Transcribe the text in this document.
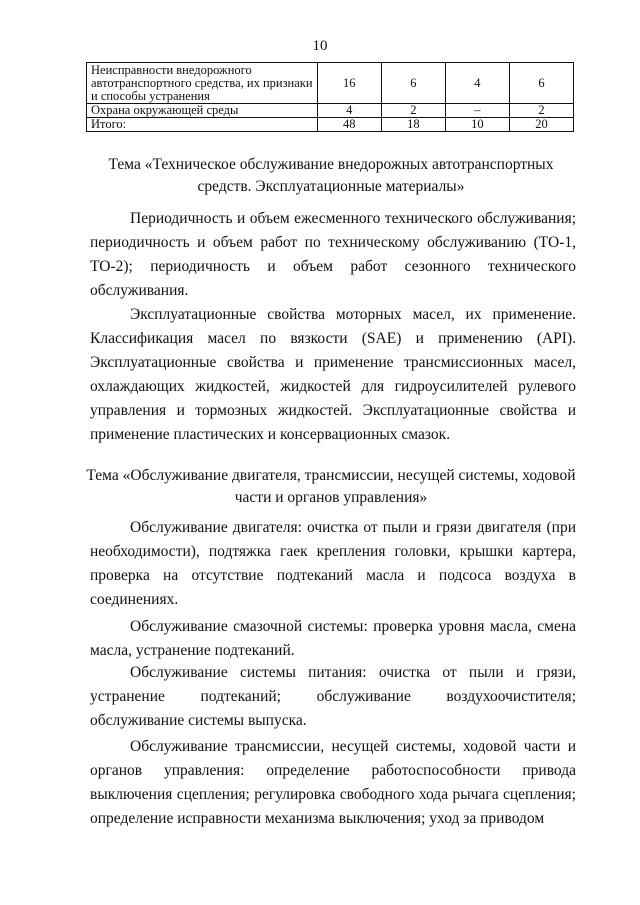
10
Неисправности внедорожного автотранспортного средства, их признаки и способы устранения	16	6	4	6
Охрана окружающей среды	4	2	–	2
Итого:	48	18	10	20
Тема «Техническое обслуживание внедорожных автотранспортных средств. Эксплуатационные материалы»
Периодичность и объем ежесменного технического обслуживания; периодичность и объем работ по техническому обслуживанию (ТО-1, ТО-2); периодичность и объем работ сезонного технического обслуживания.
Эксплуатационные свойства моторных масел, их применение. Классификация масел по вязкости (SAE) и применению (API). Эксплуатационные свойства и применение трансмиссионных масел, охлаждающих жидкостей, жидкостей для гидроусилителей рулевого управления и тормозных жидкостей. Эксплуатационные свойства и применение пластических и консервационных смазок.
Тема «Обслуживание двигателя, трансмиссии, несущей системы, ходовой части и органов управления»
Обслуживание двигателя: очистка от пыли и грязи двигателя (при необходимости), подтяжка гаек крепления головки, крышки картера, проверка на отсутствие подтеканий масла и подсоса воздуха в соединениях.
Обслуживание смазочной системы: проверка уровня масла, смена масла, устранение подтеканий.
Обслуживание системы питания: очистка от пыли и грязи, устранение подтеканий; обслуживание воздухоочистителя; обслуживание системы выпуска.
Обслуживание трансмиссии, несущей системы, ходовой части и органов управления: определение работоспособности привода выключения сцепления; регулировка свободного хода рычага сцепления; определение исправности механизма выключения; уход за приводом
